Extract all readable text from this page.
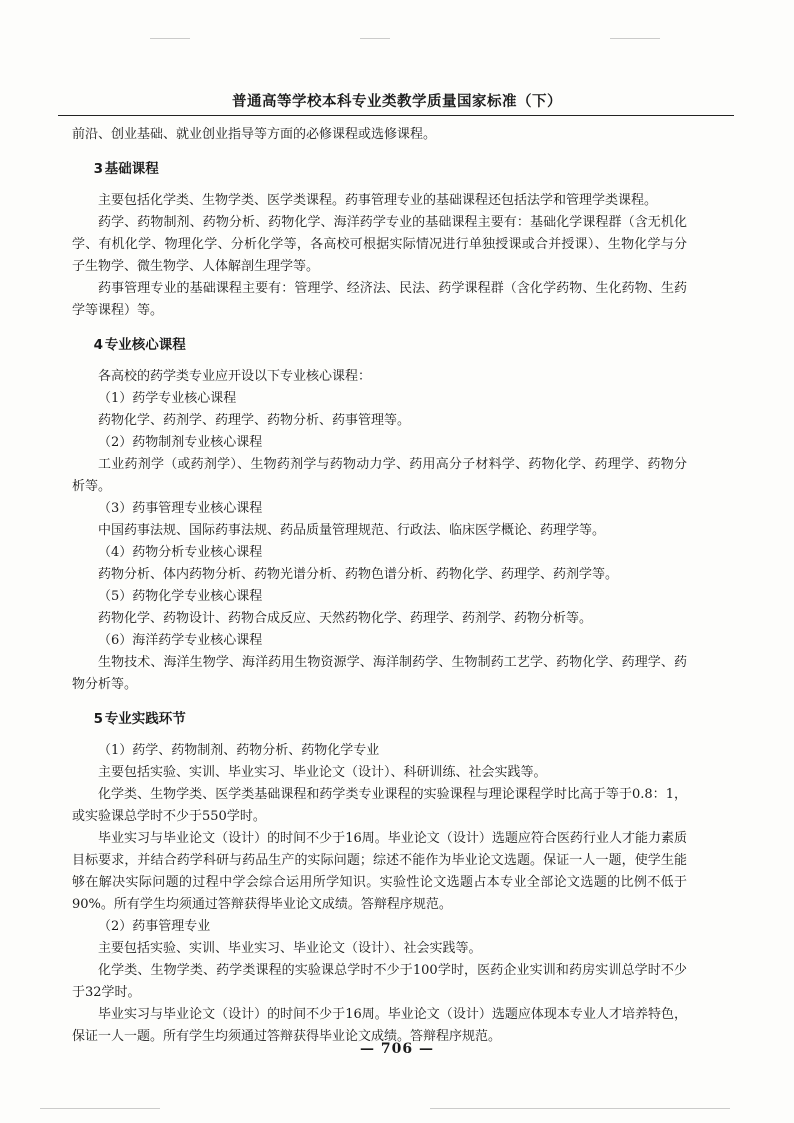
普通高等学校本科专业类教学质量国家标准（下）

前沿、创业基础、就业创业指导等方面的必修课程或选修课程。

3 基础课程

主要包括化学类、生物学类、医学类课程。药事管理专业的基础课程还包括法学和管理学类课程。

药学、药物制剂、药物分析、药物化学、海洋药学专业的基础课程主要有：基础化学课程群（含无机化学、有机化学、物理化学、分析化学等，各高校可根据实际情况进行单独授课或合并授课）、生物化学与分子生物学、微生物学、人体解剖生理学等。

药事管理专业的基础课程主要有：管理学、经济法、民法、药学课程群（含化学药物、生化药物、生药学等课程）等。

4 专业核心课程

各高校的药学类专业应开设以下专业核心课程：

（1）药学专业核心课程

药物化学、药剂学、药理学、药物分析、药事管理等。

（2）药物制剂专业核心课程

工业药剂学（或药剂学）、生物药剂学与药物动力学、药用高分子材料学、药物化学、药理学、药物分析等。

（3）药事管理专业核心课程

中国药事法规、国际药事法规、药品质量管理规范、行政法、临床医学概论、药理学等。

（4）药物分析专业核心课程

药物分析、体内药物分析、药物光谱分析、药物色谱分析、药物化学、药理学、药剂学等。

（5）药物化学专业核心课程

药物化学、药物设计、药物合成反应、天然药物化学、药理学、药剂学、药物分析等。

（6）海洋药学专业核心课程

生物技术、海洋生物学、海洋药用生物资源学、海洋制药学、生物制药工艺学、药物化学、药理学、药物分析等。

5 专业实践环节

（1）药学、药物制剂、药物分析、药物化学专业

主要包括实验、实训、毕业实习、毕业论文（设计）、科研训练、社会实践等。

化学类、生物学类、医学类基础课程和药学类专业课程的实验课程与理论课程学时比高于等于0.8：1，或实验课总学时不少于550学时。

毕业实习与毕业论文（设计）的时间不少于16周。毕业论文（设计）选题应符合医药行业人才能力素质目标要求，并结合药学科研与药品生产的实际问题；综述不能作为毕业论文选题。保证一人一题，使学生能够在解决实际问题的过程中学会综合运用所学知识。实验性论文选题占本专业全部论文选题的比例不低于90%。所有学生均须通过答辩获得毕业论文成绩。答辩程序规范。

（2）药事管理专业

主要包括实验、实训、毕业实习、毕业论文（设计）、社会实践等。

化学类、生物学类、药学类课程的实验课总学时不少于100学时，医药企业实训和药房实训总学时不少于32学时。

毕业实习与毕业论文（设计）的时间不少于16周。毕业论文（设计）选题应体现本专业人才培养特色，保证一人一题。所有学生均须通过答辩获得毕业论文成绩。答辩程序规范。

— 706 —
